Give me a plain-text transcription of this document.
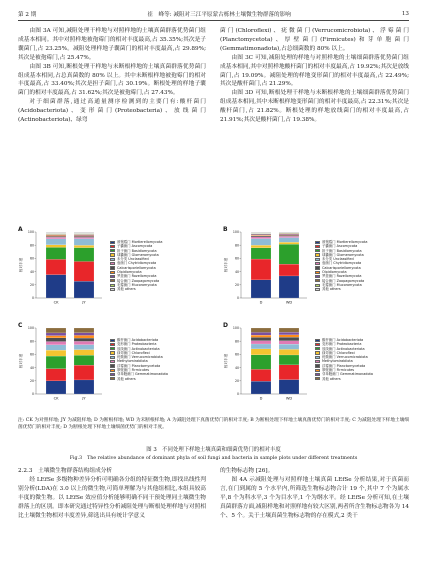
第 2 期	崔　峰等: 减阻对三江平原蒙古栎林土壤微生物群落的影响	13

由图 3A 可知,减阻处理干样地与对照样地的土壤真菌群落优势菌门组成基本相同。其中对照样地被孢霉门的相对丰度最高,占 35.35%;其次是子囊菌门,占 23.25%。减阻处理样地子囊菌门的相对丰度最高,占 29.89%;其次是被孢霉门,占 25.47%。

由图 3B 可知,断根处理干样地与未断根样地的土壤真菌群落优势菌门组成基本相同,占总真菌数的 80% 以上。其中未断根样地被孢霉门的相对丰度最高,占 33.40%;其次是担子菌门,占 30.19%。断根处理的样地子囊菌门的相对丰度最高,占 31.62%;其次是被孢霉门,占 27.43%。

对于细菌群落,通过高通量测序检测到的主要门有:酸杆菌门(Acidobacteriota)、变形菌门(Proteobacteria)、放线菌门(Actinobacteriota)、绿弯

菌门(Chloroflexi)、疣微菌门(Verrucomicrobiota)、浮霉菌门(Planctomycetota)、厚壁菌门(Firmicutes)和芽单胞菌门(Gemmatimonadota),占总细菌数的 80% 以上。

由图 3C 可知,减阻处理的样地与对照样地的土壤细菌群落优势菌门组成基本相同,其中对照样地酸杆菌门的相对丰度最高,占 19.92%;其次是放线菌门,占 19.09%。减阻处理的样地变形菌门的相对丰度最高,占 22.49%;其次是酸杆菌门,占 21.29%。

由图 3D 可知,断根处理干样地与未断根样地的土壤细菌群落优势菌门组成基本相同,其中未断根样地变形菌门的相对丰度最高,占 22.31%;其次是酸杆菌门,占 21.82%。断根处理的样地放线菌门的相对丰度最高,占 21.91%;其次是酸杆菌门,占 19.38%。

A
相对丰度
0
20
40
60
80
100
CK	JY
被孢霉门 Mortierellomycota
子囊菌门 Ascomycota
担子菌门 Basidiomycota
球囊菌门 Glomeromycota
未分类 Unclassified
壶菌门 Chytridiomycota
Calcarisporiellomycota
Olpidiomycota
罗兹菌门 Rozellomycota
接合菌门 Zoopagomycota
毛霉菌门 Mucoromycota
其他 others
B
相对丰度
0
20
40
60
80
100
D	WD
被孢霉门 Mortierellomycota
子囊菌门 Ascomycota
担子菌门 Basidiomycota
球囊菌门 Glomeromycota
未分类 Unclassified
壶菌门 Chytridiomycota
Calcarisporiellomycota
Olpidiomycota
罗兹菌门 Rozellomycota
接合菌门 Zoopagomycota
毛霉菌门 Mucoromycota
其他 others
C
相对丰度
0
20
40
60
80
100
CK	JY
酸杆菌门 Acidobacteriota
变形菌门 Proteobacteria
放线菌门 Actinobacteriota
绿弯菌门 Chloroflexi
疣微菌门 Verrucomicrobiota
Methylomirabilota
浮霉菌门 Planctomycetota
厚壁菌门 Firmicutes
芽单胞菌门 Gemmatimonadota
其他 others
D
相对丰度
0
20
40
60
80
100
D	WD
酸杆菌门 Acidobacteriota
变形菌门 Proteobacteria
放线菌门 Actinobacteriota
绿弯菌门 Chloroflexi
疣微菌门 Verrucomicrobiota
Methylomirabilota
浮霉菌门 Planctomycetota
厚壁菌门 Firmicutes
芽单胞菌门 Gemmatimonadota
其他 others
注: CK 为对照样地; JY 为减阻样地; D 为断根样地; WD 为未断根样地; A 为减阻处理下真菌优势门的相对丰度; B 为断根处理下样地土壤真菌优势门的相对丰度; C 为减阻处理下样地土壤细菌优势门的相对丰度; D 为断根处理下样地土壤细菌优势门的相对丰度。
图 3　不同处理下样地土壤真菌和细菌优势门的相对丰度
Fig.3　The relative abundance of dominant phyla of soil fungi and bacteria in sample plots under different treatments

2.2.3　土壤微生物群落结构组成分析

经 LEfSe 多级物种差异分析可明确各分组的特征微生物,即找出线性判别分析(LDA)在 3.0 以上的微生物,可简单理解为与其他组相比,本组具较高丰度的微生物。以 LEfSe 效应值分析能够明确不同干预处理同土壤微生物群落上的区别。即本研究通过特异性分析减阻处理与断根处理样地与对照相比土壤微生物相对丰度差异,筛选出具有统计学意义

的生物标志物 [26]。

图 4A 示减阻处理与对照样地土壤真菌 LEfSe 分析结果,对于真菌而言,在门到属的 5 个水平内,所筛选生物标志物合计 19 个,其中 7 个为属水平,8 个为科水平,3 个为目水平,1 个为纲水平。经 LEfSe 分析可知,在土壤真菌群落方面,减阻样地和对照样地有较大区别,两者所含生物标志物各为 14 个、5 个。关于土壤真菌生物标志物的存在模式,2 类干
